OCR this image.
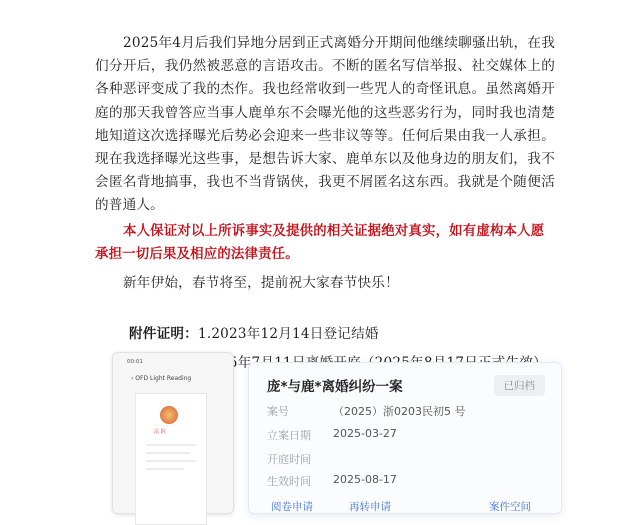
2025年4月后我们异地分居到正式离婚分开期间他继续聊骚出轨，在我们分开后，我仍然被恶意的言语攻击。不断的匿名写信举报、社交媒体上的各种恶评变成了我的杰作。我也经常收到一些咒人的奇怪讯息。虽然离婚开庭的那天我曾答应当事人鹿单东不会曝光他的这些恶劣行为，同时我也清楚地知道这次选择曝光后势必会迎来一些非议等等。任何后果由我一人承担。现在我选择曝光这些事，是想告诉大家、鹿单东以及他身边的朋友们，我不会匿名背地搞事，我也不当背锅侠，我更不屑匿名这东西。我就是个随便活的普通人。

本人保证对以上所诉事实及提供的相关证据绝对真实，如有虚构本人愿承担一切后果及相应的法律责任。

新年伊始，春节将至，提前祝大家春节快乐！

附件证明：1.2023年12月14日登记结婚

00:01
‹ OFD Light Reading
法 院
庞*与鹿*离婚纠纷一案	已归档
案号	（2025）浙0203民初5 号
立案日期 2025-03-27
开庭时间
生效时间 2025-08-17
阅卷申请	再转申请	案件空间
